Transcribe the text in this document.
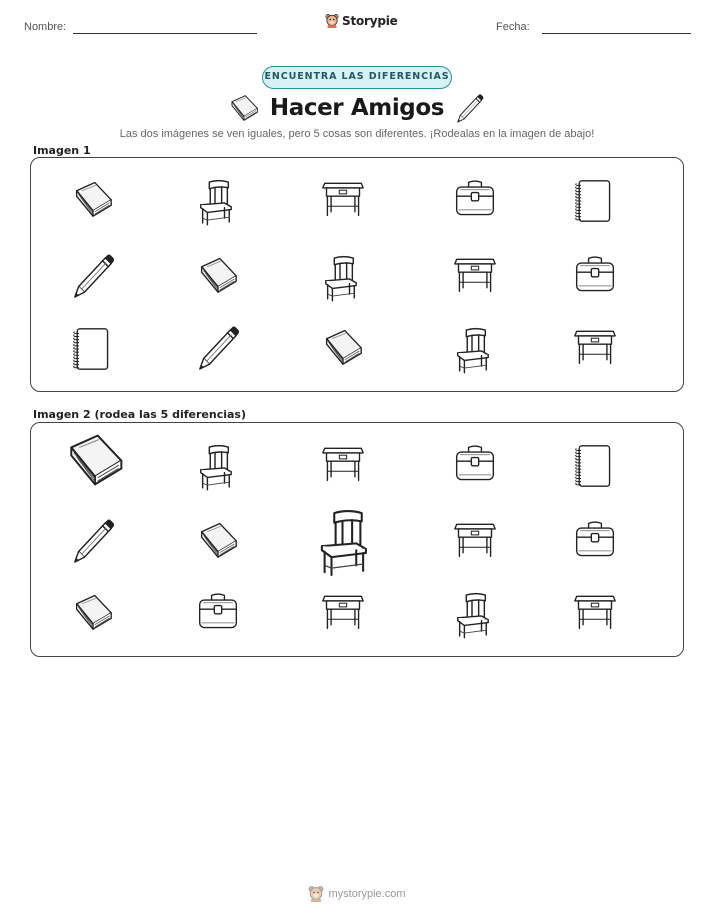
Nombre:	Storypie	Fecha:
ENCUENTRA LAS DIFERENCIAS
Hacer Amigos
Las dos imágenes se ven iguales, pero 5 cosas son diferentes. ¡Rodealas en la imagen de abajo!
Imagen 1
Imagen 2 (rodea las 5 diferencias)
mystorypie.com
